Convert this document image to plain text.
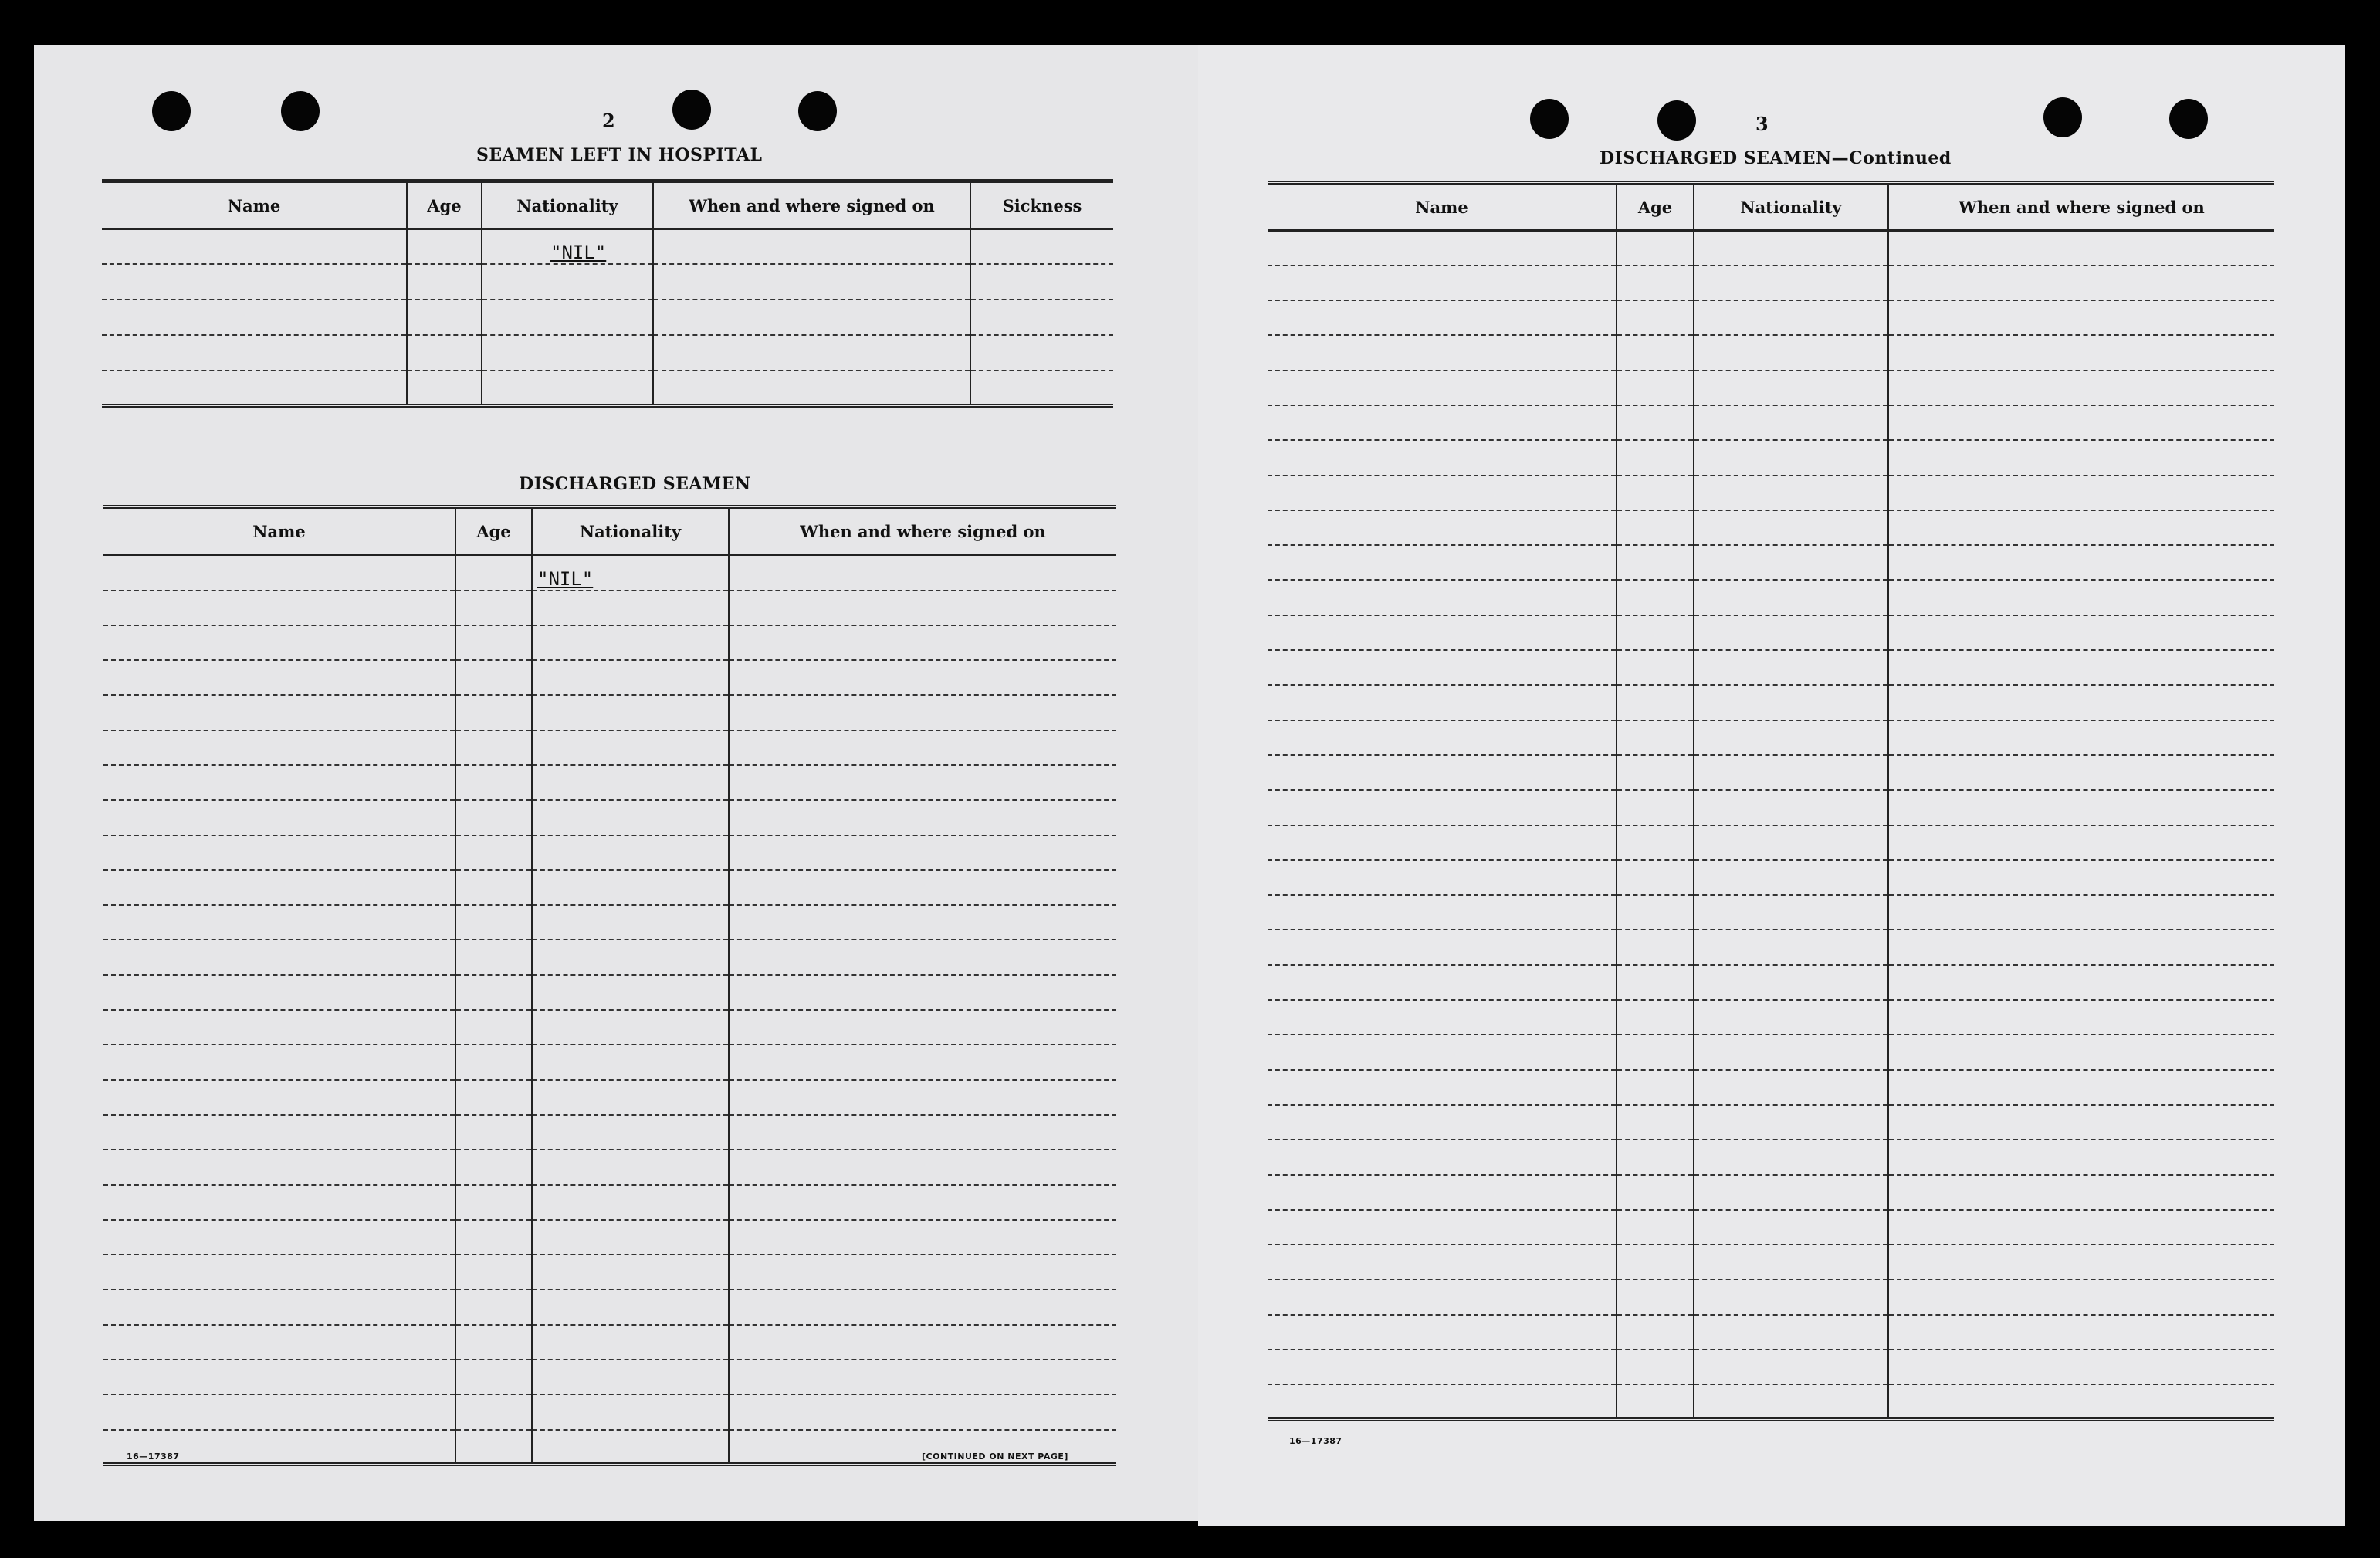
2
SEAMEN LEFT IN HOSPITAL
Name	Age	Nationality	When and where signed on	Sickness
		"NIL"		

DISCHARGED SEAMEN
Name	Age	Nationality	When and where signed on
		"NIL"	

16—17387	[CONTINUED ON NEXT PAGE]
3
DISCHARGED SEAMEN—Continued
Name	Age	Nationality	When and where signed on

16—17387
